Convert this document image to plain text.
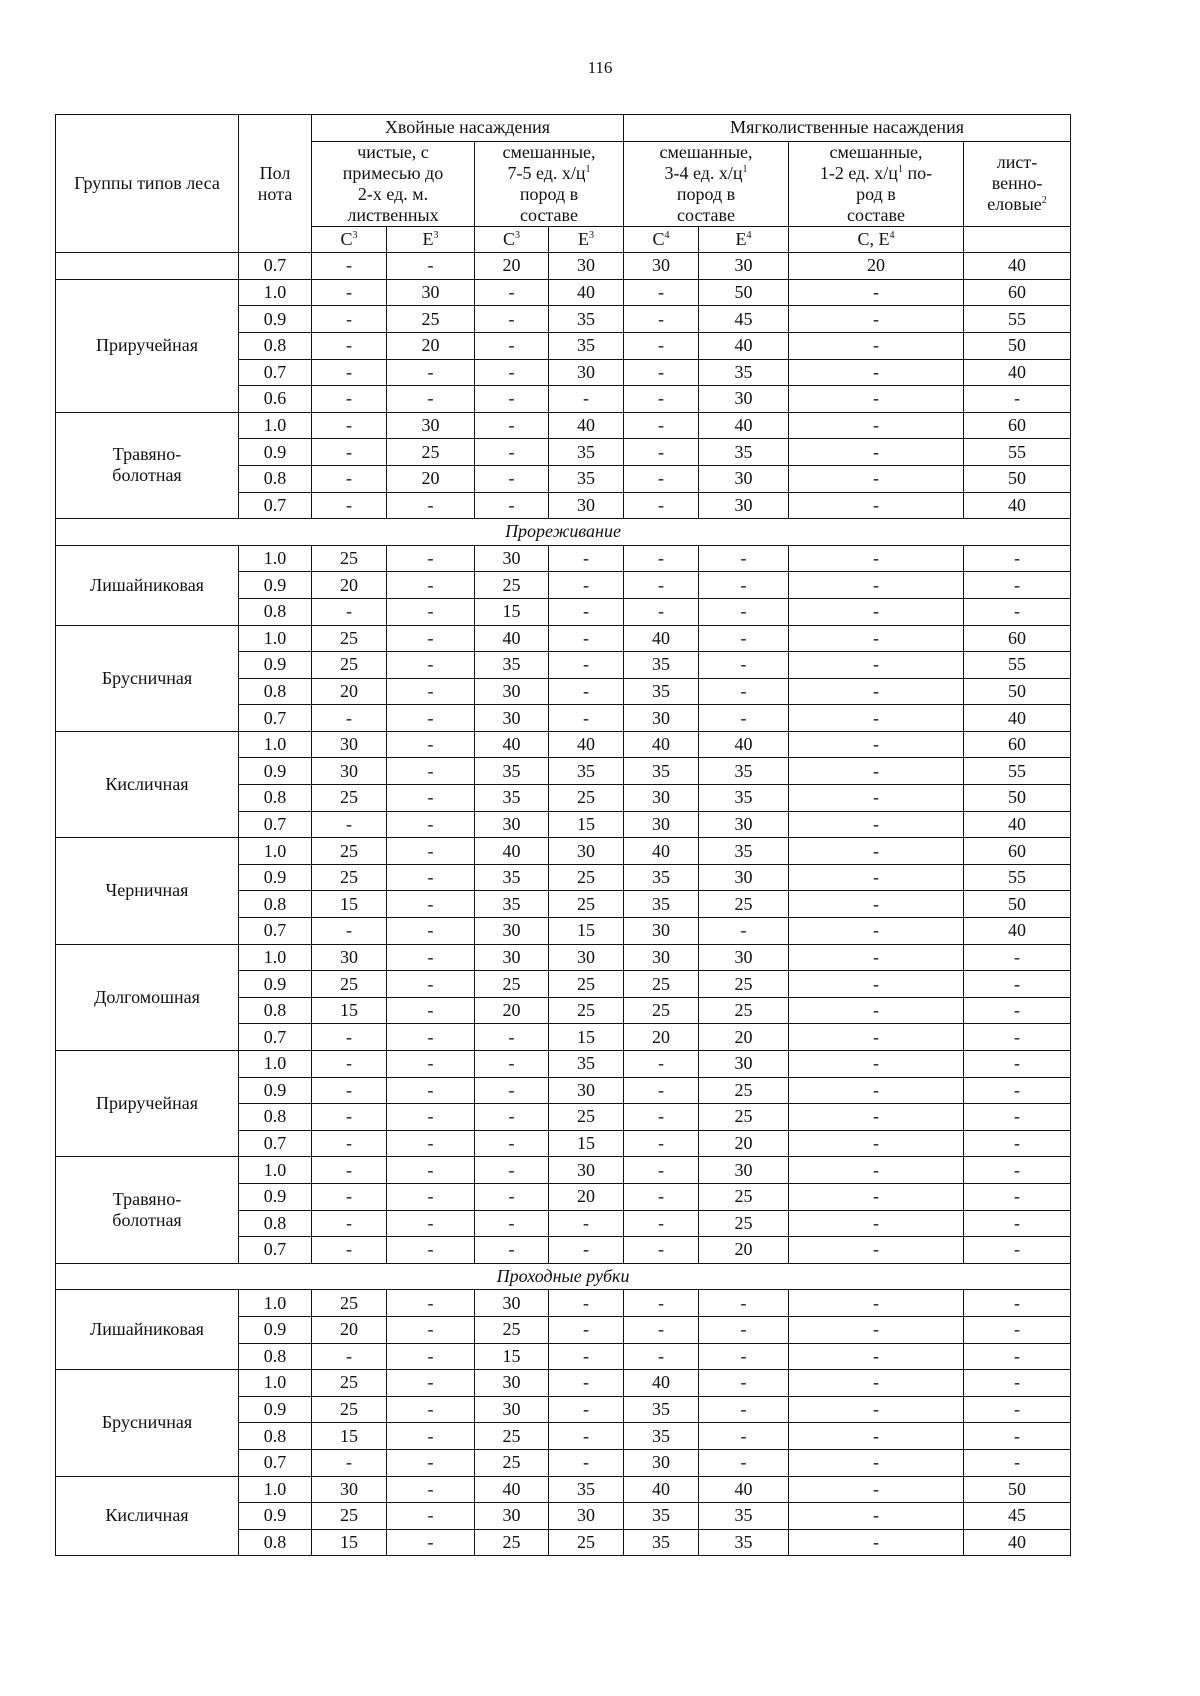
116
Группы типов леса	Пол
нота	Хвойные насаждения				Мягколиственные насаждения			
		чистые, с
примесью до
2-х ед. м.
лиственных		смешанные,
7-5 ед. $х/ц^1$
пород в
составе		смешанные,
3-4 ед. $х/ц^1$
пород в
составе		смешанные,
1-2 ед. $х/ц^1$ по-
род в
составе	лист-
венно-
еловые$^2$
		$С^3$	$Е^3$	$С^3$	$Е^3$	$С^4$	$Е^4$	С, $Е^4$	
	0.7	-	-	20	30	30	30	20	40
Приручейная	1.0	-	30	-	40	-	50	-	60
	0.9	-	25	-	35	-	45	-	55
	0.8	-	20	-	35	-	40	-	50
	0.7	-	-	-	30	-	35	-	40
	0.6	-	-	-	-	-	30	-	-
Травяно-
болотная	1.0	-	30	-	40	-	40	-	60
	0.9	-	25	-	35	-	35	-	55
	0.8	-	20	-	35	-	30	-	50
	0.7	-	-	-	30	-	30	-	40
Прореживание									
Лишайниковая	1.0	25	-	30	-	-	-	-	-
	0.9	20	-	25	-	-	-	-	-
	0.8	-	-	15	-	-	-	-	-
Брусничная	1.0	25	-	40	-	40	-	-	60
	0.9	25	-	35	-	35	-	-	55
	0.8	20	-	30	-	35	-	-	50
	0.7	-	-	30	-	30	-	-	40
Кисличная	1.0	30	-	40	40	40	40	-	60
	0.9	30	-	35	35	35	35	-	55
	0.8	25	-	35	25	30	35	-	50
	0.7	-	-	30	15	30	30	-	40
Черничная	1.0	25	-	40	30	40	35	-	60
	0.9	25	-	35	25	35	30	-	55
	0.8	15	-	35	25	35	25	-	50
	0.7	-	-	30	15	30	-	-	40
Долгомошная	1.0	30	-	30	30	30	30	-	-
	0.9	25	-	25	25	25	25	-	-
	0.8	15	-	20	25	25	25	-	-
	0.7	-	-	-	15	20	20	-	-
Приручейная	1.0	-	-	-	35	-	30	-	-
	0.9	-	-	-	30	-	25	-	-
	0.8	-	-	-	25	-	25	-	-
	0.7	-	-	-	15	-	20	-	-
Травяно-
болотная	1.0	-	-	-	30	-	30	-	-
	0.9	-	-	-	20	-	25	-	-
	0.8	-	-	-	-	-	25	-	-
	0.7	-	-	-	-	-	20	-	-
Проходные рубки									
Лишайниковая	1.0	25	-	30	-	-	-	-	-
	0.9	20	-	25	-	-	-	-	-
	0.8	-	-	15	-	-	-	-	-
Брусничная	1.0	25	-	30	-	40	-	-	-
	0.9	25	-	30	-	35	-	-	-
	0.8	15	-	25	-	35	-	-	-
	0.7	-	-	25	-	30	-	-	-
Кисличная	1.0	30	-	40	35	40	40	-	50
	0.9	25	-	30	30	35	35	-	45
	0.8	15	-	25	25	35	35	-	40
